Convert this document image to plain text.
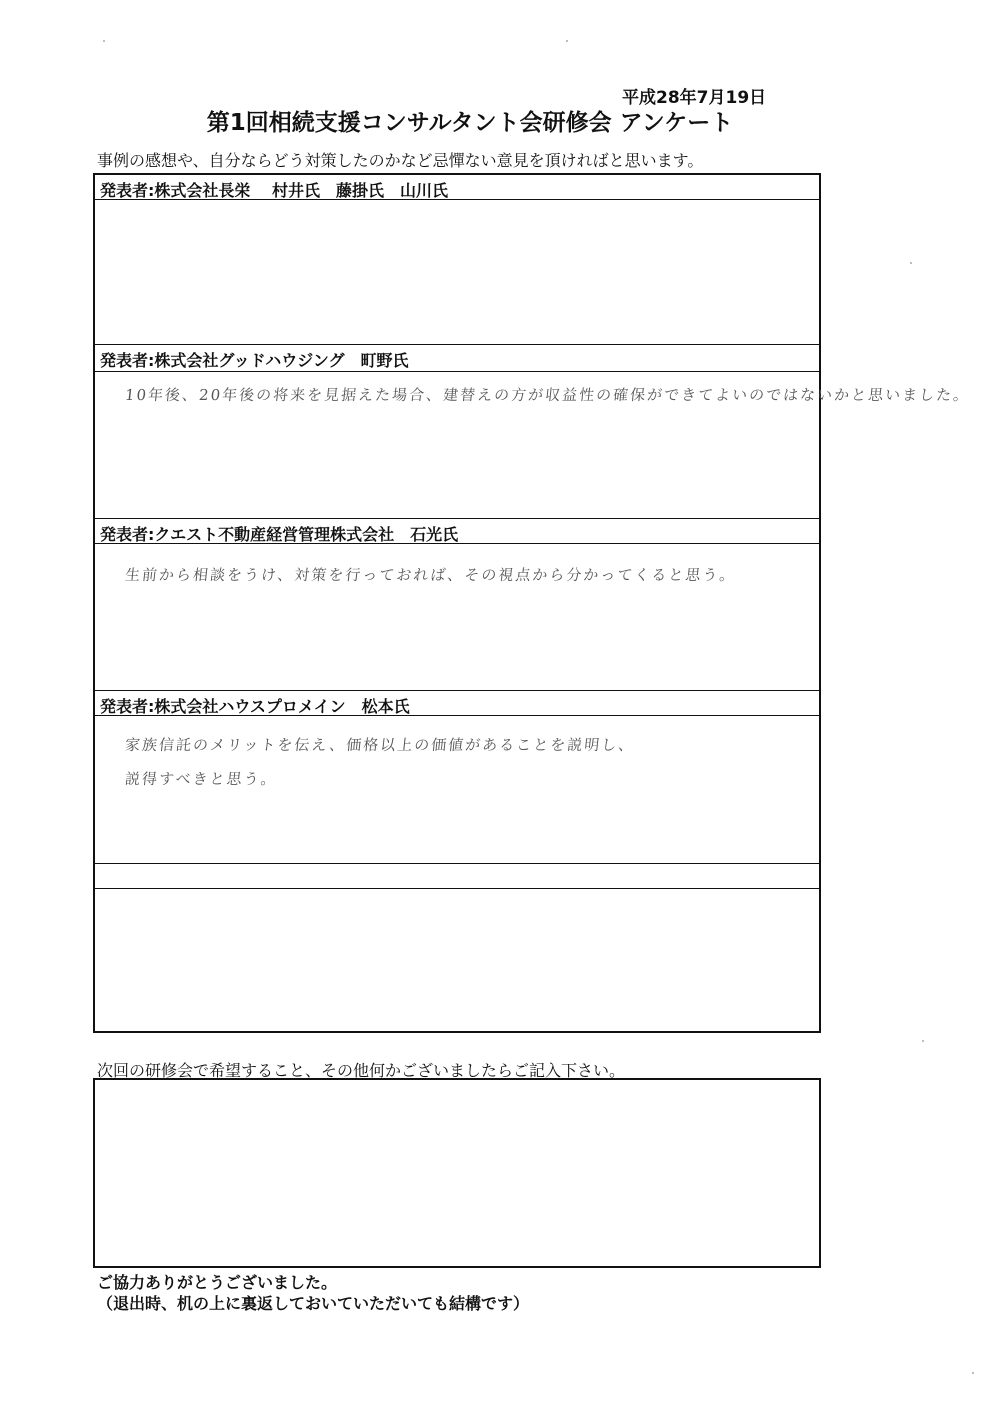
平成28年7月19日
第1回相続支援コンサルタント会研修会 アンケート
事例の感想や、自分ならどう対策したのかなど忌憚ない意見を頂ければと思います。
発表者:株式会社長栄　 村井氏　藤掛氏　山川氏
発表者:株式会社グッドハウジング　町野氏
10年後、20年後の将来を見据えた場合、建替えの方が収益性の確保ができてよいのではないかと思いました。
発表者:クエスト不動産経営管理株式会社　石光氏
生前から相談をうけ、対策を行っておれば、その視点から分かってくると思う。
発表者:株式会社ハウスプロメイン　松本氏
家族信託のメリットを伝え、価格以上の価値があることを説明し、
説得すべきと思う。
次回の研修会で希望すること、その他何かございましたらご記入下さい。
ご協力ありがとうございました。
（退出時、机の上に裏返しておいていただいても結構です）
